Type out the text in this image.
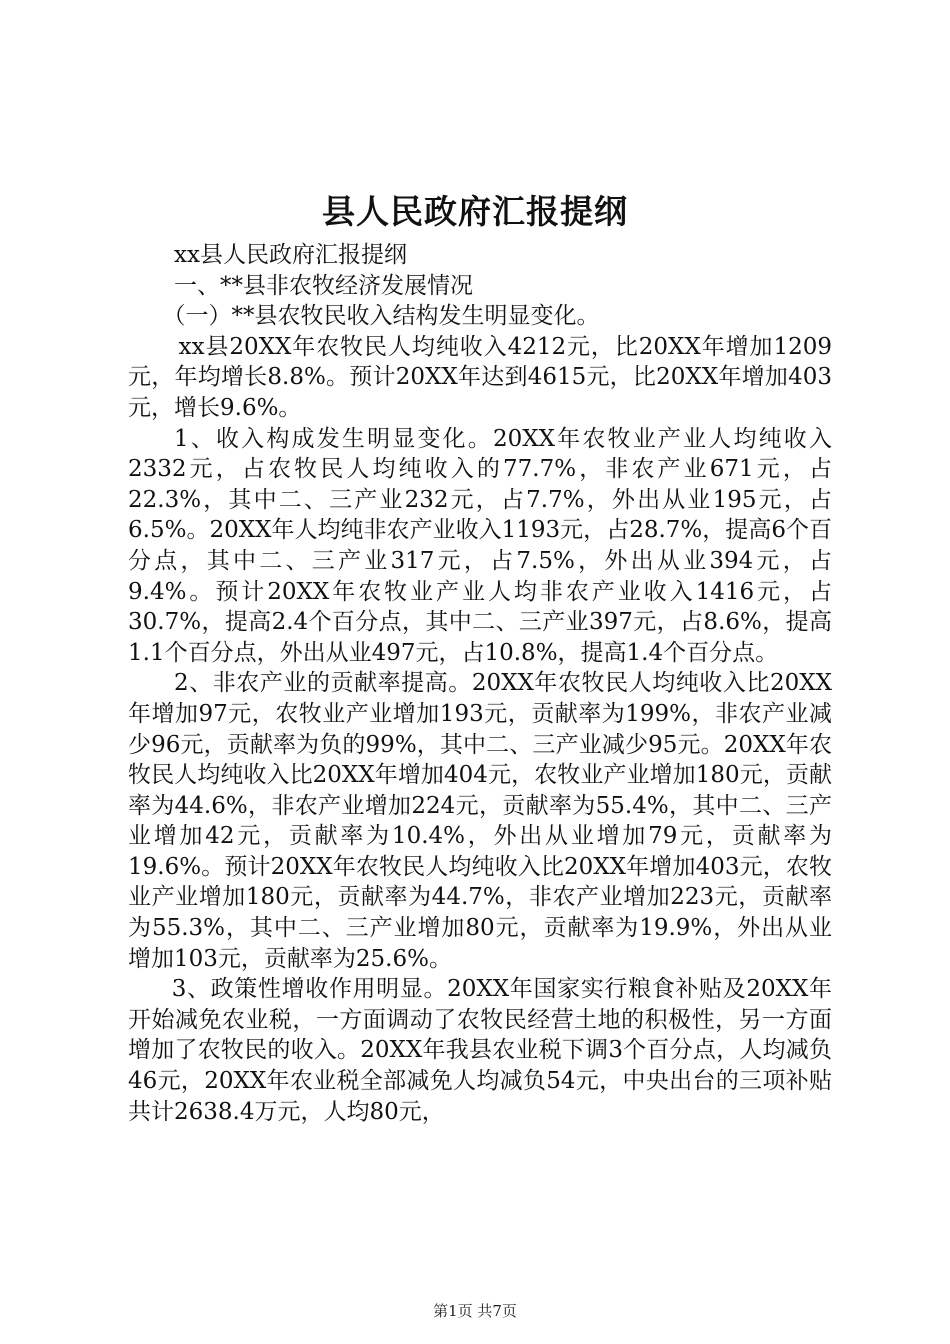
县人民政府汇报提纲

xx县人民政府汇报提纲

一、**县非农牧经济发展情况

（一）**县农牧民收入结构发生明显变化。

xx县20XX年农牧民人均纯收入4212元，比20XX年增加1209元，年均增长8.8%。预计20XX年达到4615元，比20XX年增加403元，增长9.6%。

1、收入构成发生明显变化。20XX年农牧业产业人均纯收入2332元，占农牧民人均纯收入的77.7%，非农产业671元，占22.3%，其中二、三产业232元，占7.7%，外出从业195元，占6.5%。20XX年人均纯非农产业收入1193元，占28.7%，提高6个百分点，其中二、三产业317元，占7.5%，外出从业394元，占9.4%。预计20XX年农牧业产业人均非农产业收入1416元，占30.7%，提高2.4个百分点，其中二、三产业397元，占8.6%，提高1.1个百分点，外出从业497元，占10.8%，提高1.4个百分点。

2、非农产业的贡献率提高。20XX年农牧民人均纯收入比20XX年增加97元，农牧业产业增加193元，贡献率为199%，非农产业减少96元，贡献率为负的99%，其中二、三产业减少95元。20XX年农牧民人均纯收入比20XX年增加404元，农牧业产业增加180元，贡献率为44.6%，非农产业增加224元，贡献率为55.4%，其中二、三产业增加42元，贡献率为10.4%，外出从业增加79元，贡献率为19.6%。预计20XX年农牧民人均纯收入比20XX年增加403元，农牧业产业增加180元，贡献率为44.7%，非农产业增加223元，贡献率为55.3%，其中二、三产业增加80元，贡献率为19.9%，外出从业增加103元，贡献率为25.6%。

3、政策性增收作用明显。20XX年国家实行粮食补贴及20XX年开始减免农业税，一方面调动了农牧民经营土地的积极性，另一方面增加了农牧民的收入。20XX年我县农业税下调3个百分点，人均减负46元，20XX年农业税全部减免人均减负54元，中央出台的三项补贴共计2638.4万元，人均80元，

第1页 共7页
